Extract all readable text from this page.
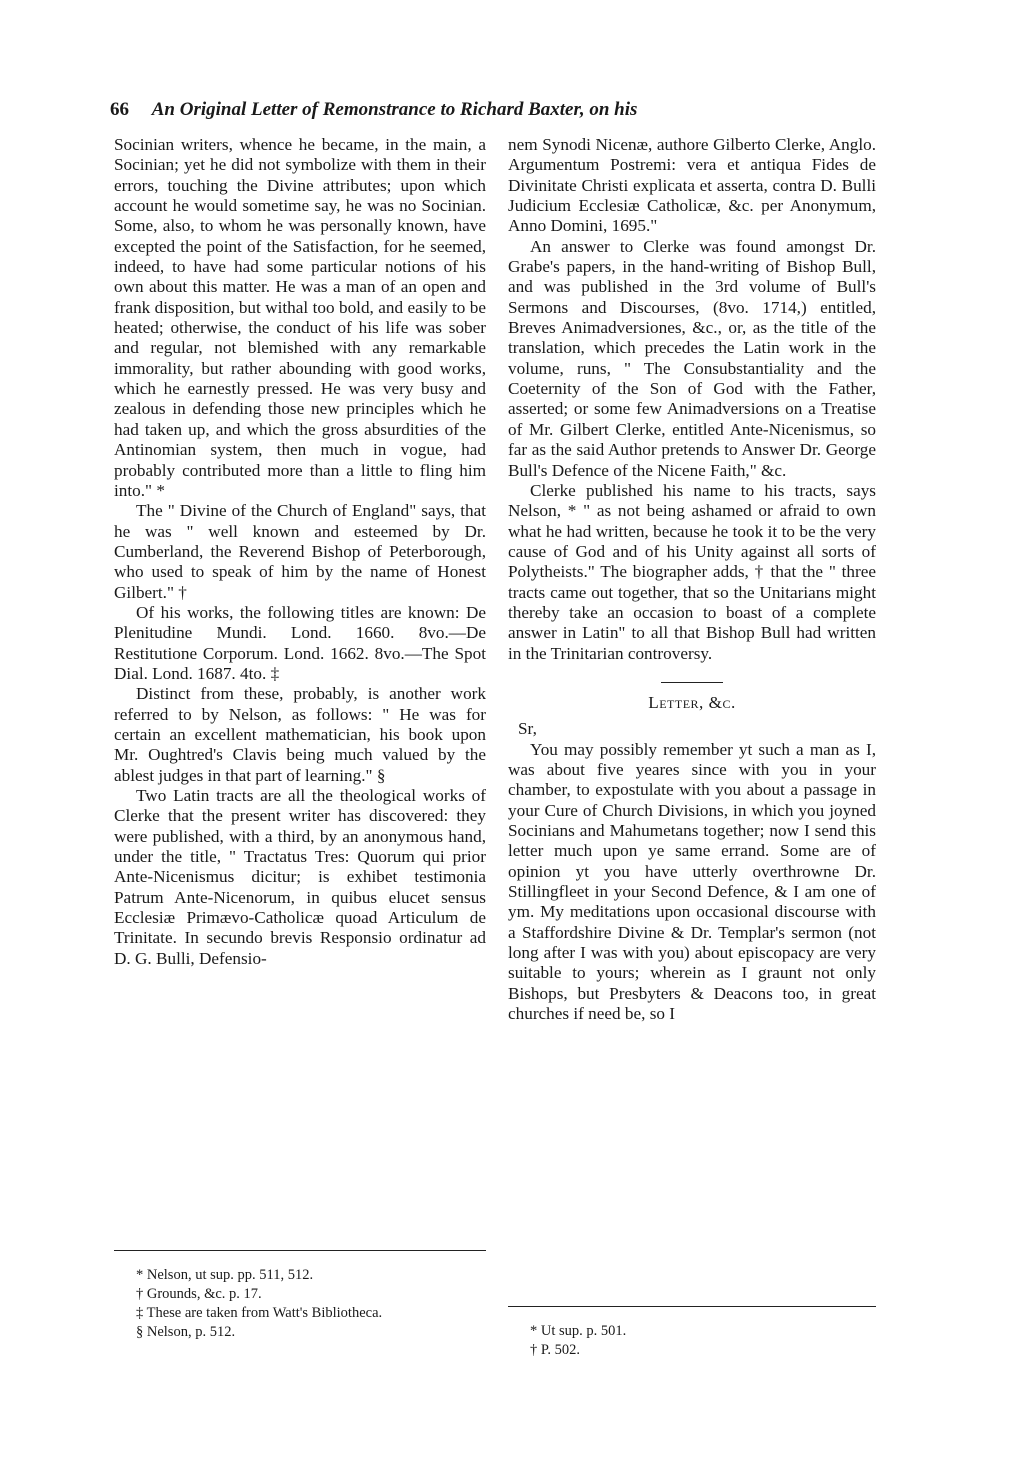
66 An Original Letter of Remonstrance to Richard Baxter, on his

Socinian writers, whence he became, in the main, a Socinian; yet he did not symbolize with them in their errors, touching the Divine attributes; upon which account he would sometime say, he was no Socinian. Some, also, to whom he was personally known, have excepted the point of the Satisfaction, for he seemed, indeed, to have had some particular notions of his own about this matter. He was a man of an open and frank disposition, but withal too bold, and easily to be heated; otherwise, the conduct of his life was sober and regular, not blemished with any remarkable immorality, but rather abounding with good works, which he earnestly pressed. He was very busy and zealous in defending those new principles which he had taken up, and which the gross absurdities of the Antinomian system, then much in vogue, had probably contributed more than a little to fling him into." *

The " Divine of the Church of England" says, that he was " well known and esteemed by Dr. Cumberland, the Reverend Bishop of Peterborough, who used to speak of him by the name of Honest Gilbert." †

Of his works, the following titles are known: De Plenitudine Mundi. Lond. 1660. 8vo.—De Restitutione Corporum. Lond. 1662. 8vo.—The Spot Dial. Lond. 1687. 4to. ‡

Distinct from these, probably, is another work referred to by Nelson, as follows: " He was for certain an excellent mathematician, his book upon Mr. Oughtred's Clavis being much valued by the ablest judges in that part of learning." §

Two Latin tracts are all the theological works of Clerke that the present writer has discovered: they were published, with a third, by an anonymous hand, under the title, " Tractatus Tres: Quorum qui prior Ante-Nicenismus dicitur; is exhibet testimonia Patrum Ante-Nicenorum, in quibus elucet sensus Ecclesiæ Primævo-Catholicæ quoad Articulum de Trinitate. In secundo brevis Responsio ordinatur ad D. G. Bulli, Defensio-

nem Synodi Nicenæ, authore Gilberto Clerke, Anglo. Argumentum Postremi: vera et antiqua Fides de Divinitate Christi explicata et asserta, contra D. Bulli Judicium Ecclesiæ Catholicæ, &c. per Anonymum, Anno Domini, 1695."

An answer to Clerke was found amongst Dr. Grabe's papers, in the hand-writing of Bishop Bull, and was published in the 3rd volume of Bull's Sermons and Discourses, (8vo. 1714,) entitled, Breves Animadversiones, &c., or, as the title of the translation, which precedes the Latin work in the volume, runs, " The Consubstantiality and the Coeternity of the Son of God with the Father, asserted; or some few Animadversions on a Treatise of Mr. Gilbert Clerke, entitled Ante-Nicenismus, so far as the said Author pretends to Answer Dr. George Bull's Defence of the Nicene Faith," &c.

Clerke published his name to his tracts, says Nelson, * " as not being ashamed or afraid to own what he had written, because he took it to be the very cause of God and of his Unity against all sorts of Polytheists." The biographer adds, † that the " three tracts came out together, that so the Unitarians might thereby take an occasion to boast of a complete answer in Latin" to all that Bishop Bull had written in the Trinitarian controversy.

Letter, &c.

Sr,

You may possibly remember yt such a man as I, was about five yeares since with you in your chamber, to expostulate with you about a passage in your Cure of Church Divisions, in which you joyned Socinians and Mahumetans together; now I send this letter much upon ye same errand. Some are of opinion yt you have utterly overthrowne Dr. Stillingfleet in your Second Defence, & I am one of ym. My meditations upon occasional discourse with a Staffordshire Divine & Dr. Templar's sermon (not long after I was with you) about episcopacy are very suitable to yours; wherein as I graunt not only Bishops, but Presbyters & Deacons too, in great churches if need be, so I

* Nelson, ut sup. pp. 511, 512.
† Grounds, &c. p. 17.
‡ These are taken from Watt's Bibliotheca.
§ Nelson, p. 512.	* Ut sup. p. 501.
† P. 502.
